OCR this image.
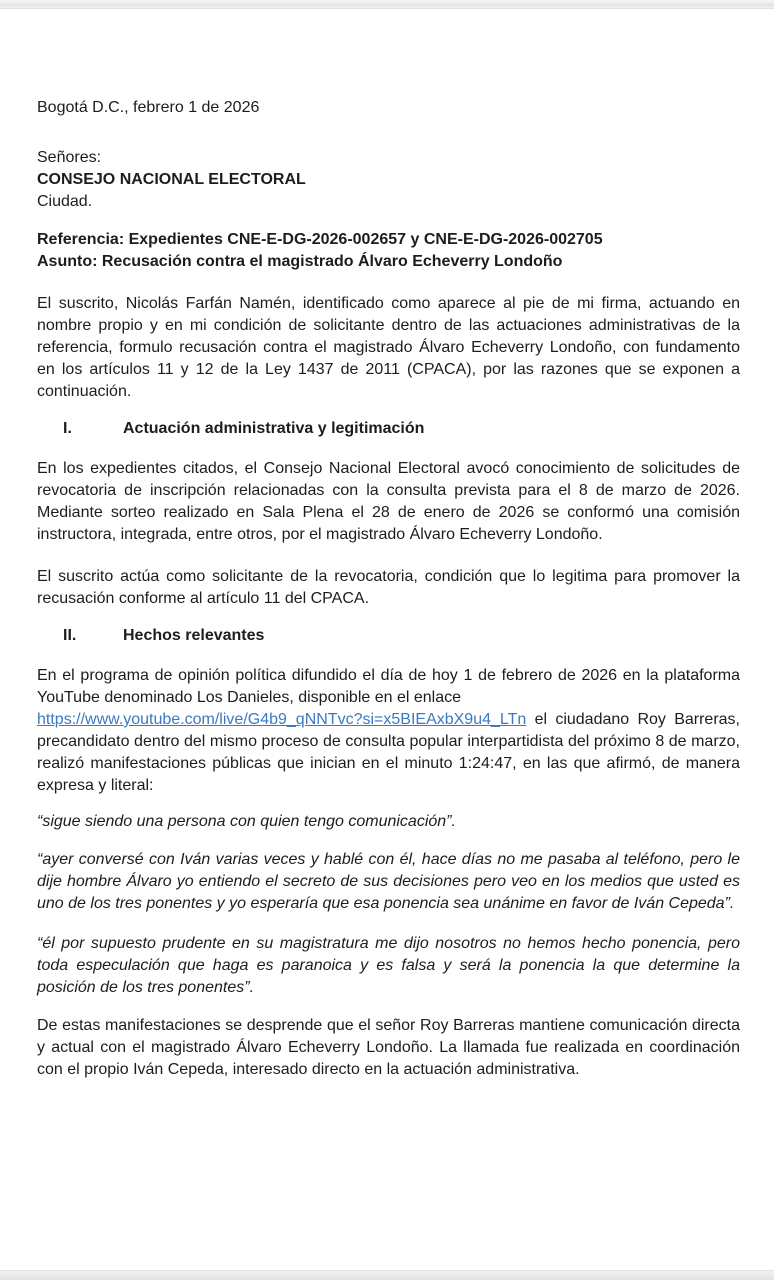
Bogotá D.C., febrero 1 de 2026

Señores:
CONSEJO NACIONAL ELECTORAL
Ciudad.
Referencia: Expedientes CNE-E-DG-2026-002657 y CNE-E-DG-2026-002705
Asunto: Recusación contra el magistrado Álvaro Echeverry Londoño

El suscrito, Nicolás Farfán Namén, identificado como aparece al pie de mi firma, actuando en nombre propio y en mi condición de solicitante dentro de las actuaciones administrativas de la referencia, formulo recusación contra el magistrado Álvaro Echeverry Londoño, con fundamento en los artículos 11 y 12 de la Ley 1437 de 2011 (CPACA), por las razones que se exponen a continuación.

I.	Actuación administrativa y legitimación

En los expedientes citados, el Consejo Nacional Electoral avocó conocimiento de solicitudes de revocatoria de inscripción relacionadas con la consulta prevista para el 8 de marzo de 2026. Mediante sorteo realizado en Sala Plena el 28 de enero de 2026 se conformó una comisión instructora, integrada, entre otros, por el magistrado Álvaro Echeverry Londoño.

El suscrito actúa como solicitante de la revocatoria, condición que lo legitima para promover la recusación conforme al artículo 11 del CPACA.

II.	Hechos relevantes

En el programa de opinión política difundido el día de hoy 1 de febrero de 2026 en la plataforma YouTube denominado Los Danieles, disponible en el enlace
https://www.youtube.com/live/G4b9_qNNTvc?si=x5BIEAxbX9u4_LTn el ciudadano Roy Barreras, precandidato dentro del mismo proceso de consulta popular interpartidista del próximo 8 de marzo, realizó manifestaciones públicas que inician en el minuto 1:24:47, en las que afirmó, de manera expresa y literal:

“sigue siendo una persona con quien tengo comunicación”.

“ayer conversé con Iván varias veces y hablé con él, hace días no me pasaba al teléfono, pero le dije hombre Álvaro yo entiendo el secreto de sus decisiones pero veo en los medios que usted es uno de los tres ponentes y yo esperaría que esa ponencia sea unánime en favor de Iván Cepeda”.

“él por supuesto prudente en su magistratura me dijo nosotros no hemos hecho ponencia, pero toda especulación que haga es paranoica y es falsa y será la ponencia la que determine la posición de los tres ponentes”.

De estas manifestaciones se desprende que el señor Roy Barreras mantiene comunicación directa y actual con el magistrado Álvaro Echeverry Londoño. La llamada fue realizada en coordinación con el propio Iván Cepeda, interesado directo en la actuación administrativa.
